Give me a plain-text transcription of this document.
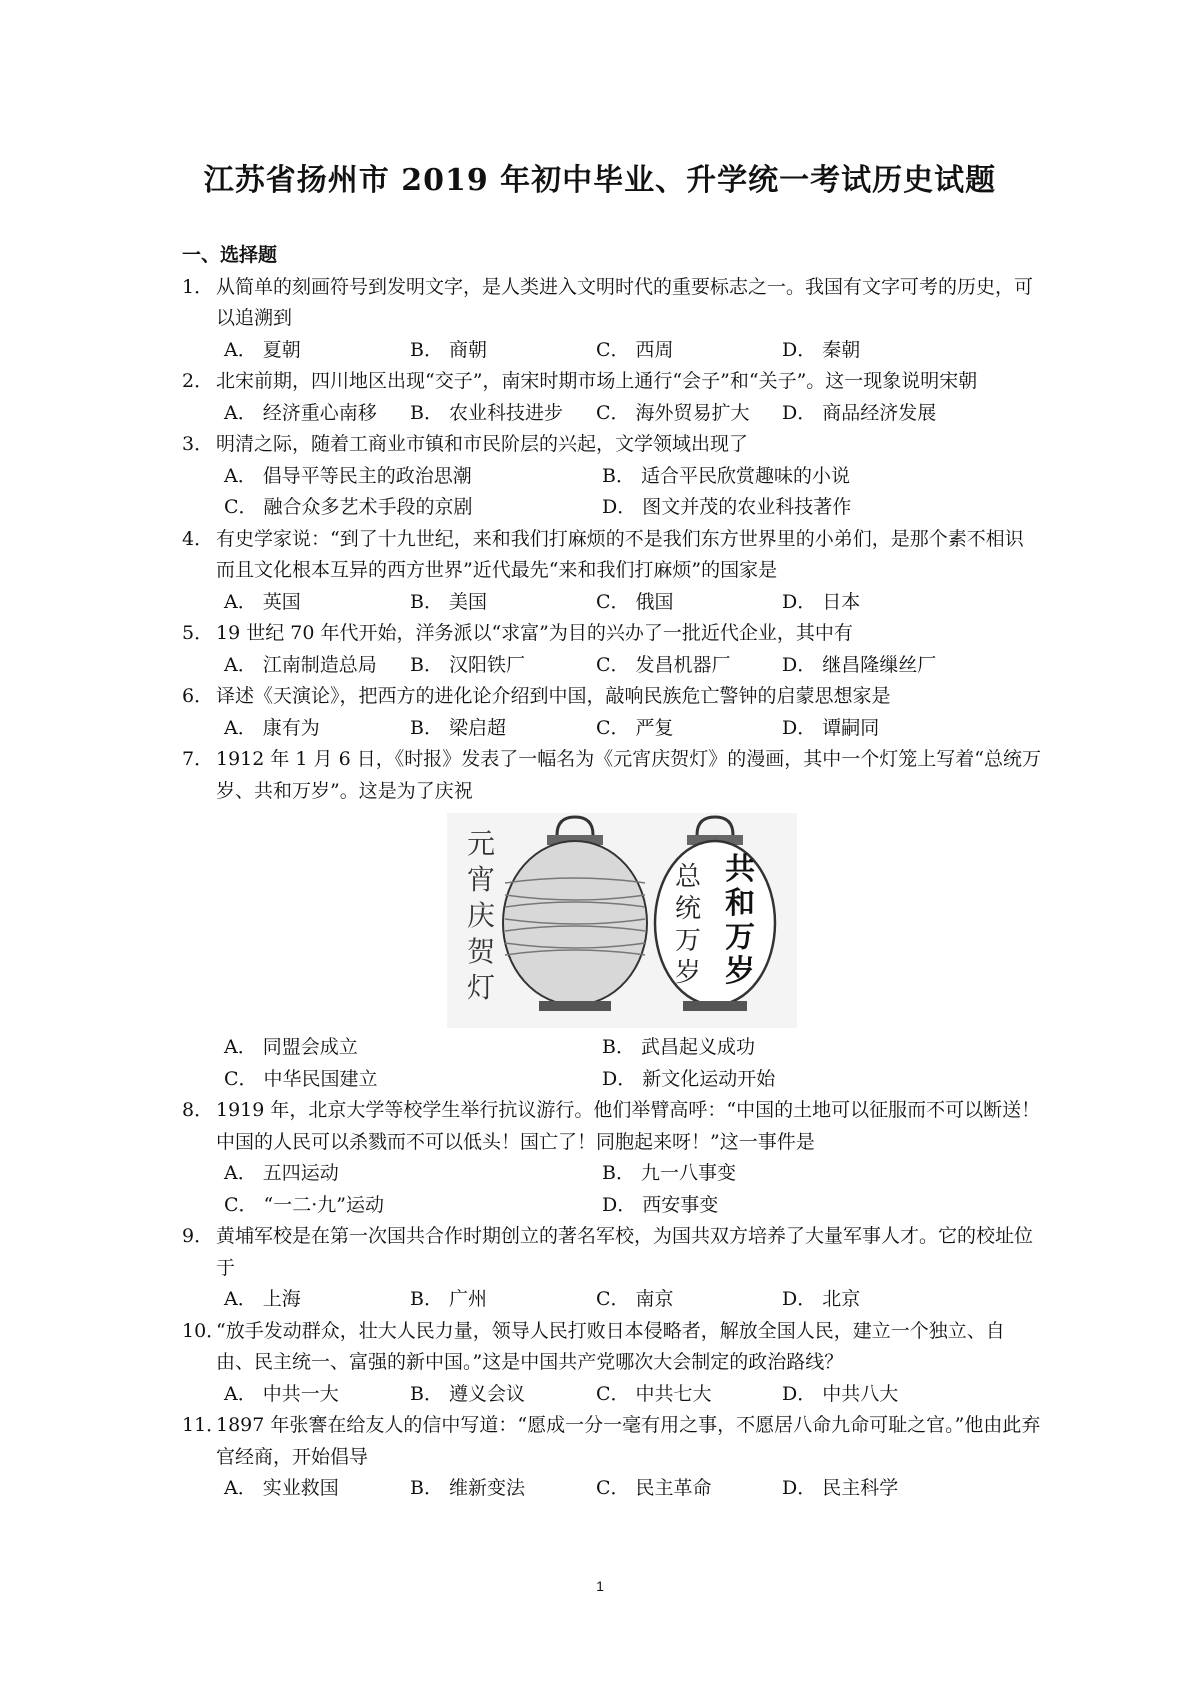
江苏省扬州市 2019 年初中毕业、升学统一考试历史试题
一、选择题
1． 从简单的刻画符号到发明文字，是人类进入文明时代的重要标志之一。我国有文字可考的历史，可以追溯到
A． 夏朝	B． 商朝	C． 西周	D． 秦朝
2． 北宋前期，四川地区出现“交子”，南宋时期市场上通行“会子”和“关子”。这一现象说明宋朝
A． 经济重心南移	B． 农业科技进步	C． 海外贸易扩大	D． 商品经济发展
3． 明清之际，随着工商业市镇和市民阶层的兴起，文学领域出现了
A． 倡导平等民主的政治思潮	B． 适合平民欣赏趣味的小说
C． 融合众多艺术手段的京剧	D． 图文并茂的农业科技著作
4． 有史学家说：“到了十九世纪，来和我们打麻烦的不是我们东方世界里的小弟们，是那个素不相识而且文化根本互异的西方世界”近代最先“来和我们打麻烦”的国家是
A． 英国	B． 美国	C． 俄国	D． 日本
5． 19 世纪 70 年代开始，洋务派以“求富”为目的兴办了一批近代企业，其中有
A． 江南制造总局	B． 汉阳铁厂	C． 发昌机器厂	D． 继昌隆缫丝厂
6． 译述《天演论》，把西方的进化论介绍到中国，敲响民族危亡警钟的启蒙思想家是
A． 康有为	B． 梁启超	C． 严复	D． 谭嗣同
7． 1912 年 1 月 6 日，《时报》发表了一幅名为《元宵庆贺灯》的漫画，其中一个灯笼上写着“总统万岁、共和万岁”。这是为了庆祝
元
宵
庆
贺
灯
共
和
万
岁
总
统
万
岁
A． 同盟会成立	B． 武昌起义成功
C． 中华民国建立	D． 新文化运动开始
8． 1919 年，北京大学等校学生举行抗议游行。他们举臂高呼：“中国的土地可以征服而不可以断送！中国的人民可以杀戮而不可以低头！国亡了！同胞起来呀！”这一事件是
A． 五四运动	B． 九一八事变
C． “一二·九”运动	D． 西安事变
9． 黄埔军校是在第一次国共合作时期创立的著名军校，为国共双方培养了大量军事人才。它的校址位于
A． 上海	B． 广州	C． 南京	D． 北京
10．
“放手发动群众，壮大人民力量，领导人民打败日本侵略者，解放全国人民，建立一个独立、自由、民主统一、富强的新中国。”这是中国共产党哪次大会制定的政治路线？
A． 中共一大	B． 遵义会议	C． 中共七大	D． 中共八大
11．
1897 年张謇在给友人的信中写道：“愿成一分一毫有用之事，不愿居八命九命可耻之官。”他由此弃官经商，开始倡导
A． 实业救国	B． 维新变法	C． 民主革命	D． 民主科学
1
